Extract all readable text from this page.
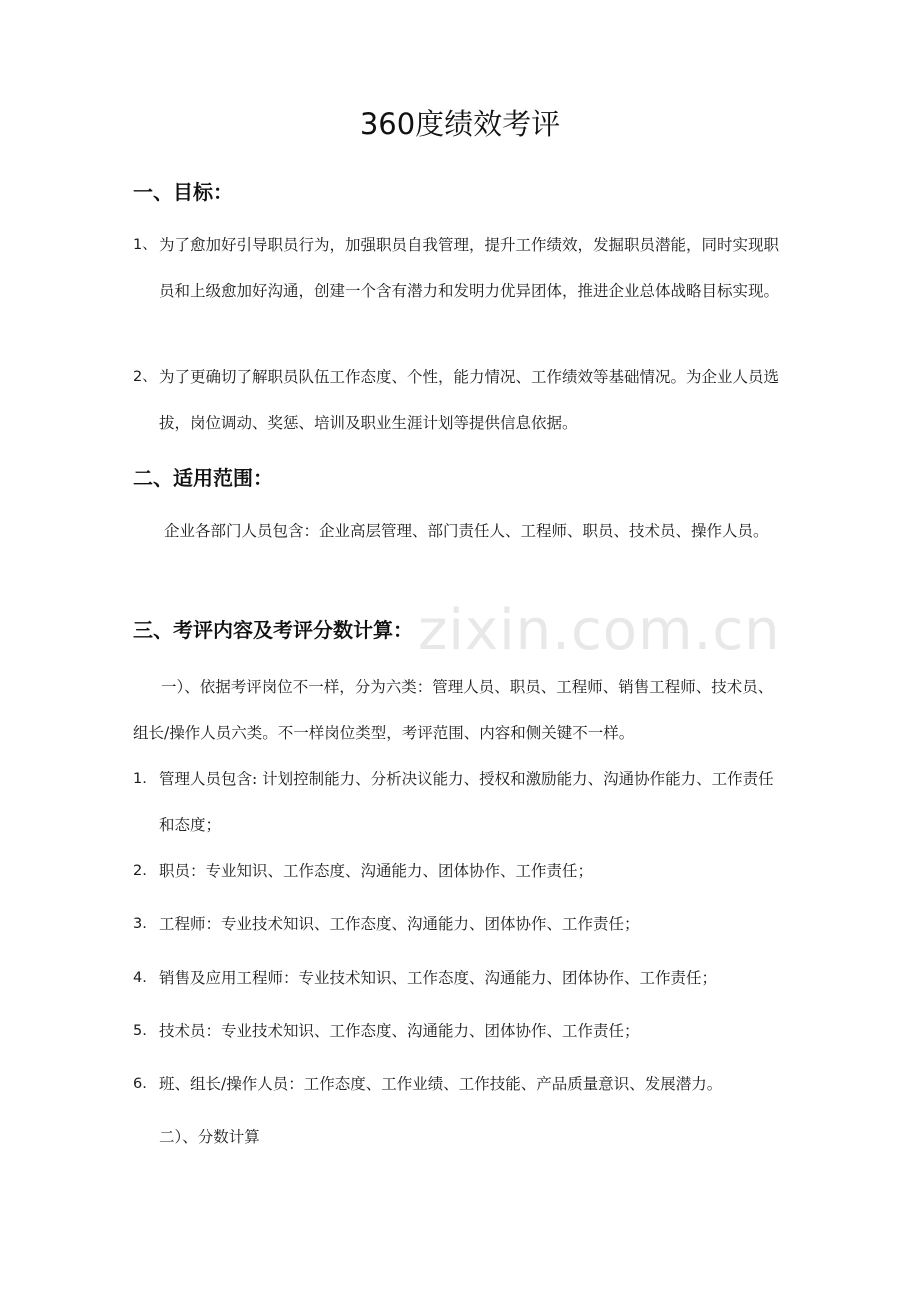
360度绩效考评
一、目标：
1、 为了愈加好引导职员行为，加强职员自我管理，提升工作绩效，发掘职员潜能，同时实现职员和上级愈加好沟通，创建一个含有潜力和发明力优异团体，推进企业总体战略目标实现。
2、 为了更确切了解职员队伍工作态度、个性，能力情况、工作绩效等基础情况。为企业人员选拔，岗位调动、奖惩、培训及职业生涯计划等提供信息依据。
二、适用范围：

企业各部门人员包含：企业高层管理、部门责任人、工程师、职员、技术员、操作人员。

三、考评内容及考评分数计算：

一）、依据考评岗位不一样，分为六类：管理人员、职员、工程师、销售工程师、技术员、组长/操作人员六类。不一样岗位类型，考评范围、内容和侧关键不一样。

1. 管理人员包含: 计划控制能力、分析决议能力、授权和激励能力、沟通协作能力、工作责任和态度；
2. 职员：专业知识、工作态度、沟通能力、团体协作、工作责任；
3. 工程师：专业技术知识、工作态度、沟通能力、团体协作、工作责任；
4. 销售及应用工程师：专业技术知识、工作态度、沟通能力、团体协作、工作责任；
5. 技术员：专业技术知识、工作态度、沟通能力、团体协作、工作责任；
6. 班、组长/操作人员：工作态度、工作业绩、工作技能、产品质量意识、发展潜力。

二）、分数计算

zixin.com.cn
